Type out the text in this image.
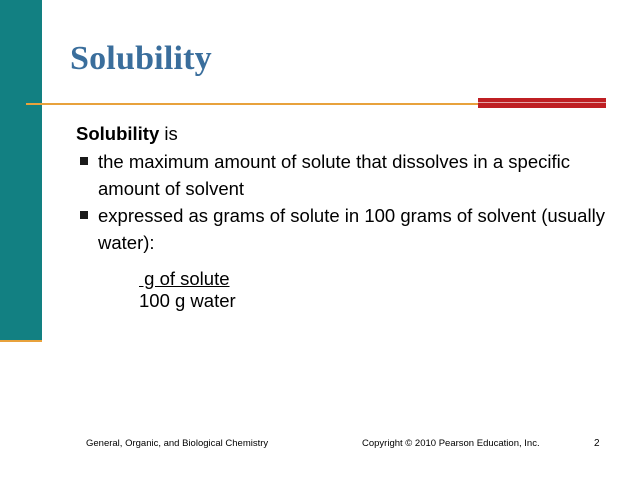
Solubility

Solubility is

the maximum amount of solute that dissolves in a specific amount of solvent
expressed as grams of solute in 100 grams of solvent (usually water):
g of solute
100 g water
General, Organic, and Biological Chemistry	Copyright © 2010 Pearson Education, Inc.	2
